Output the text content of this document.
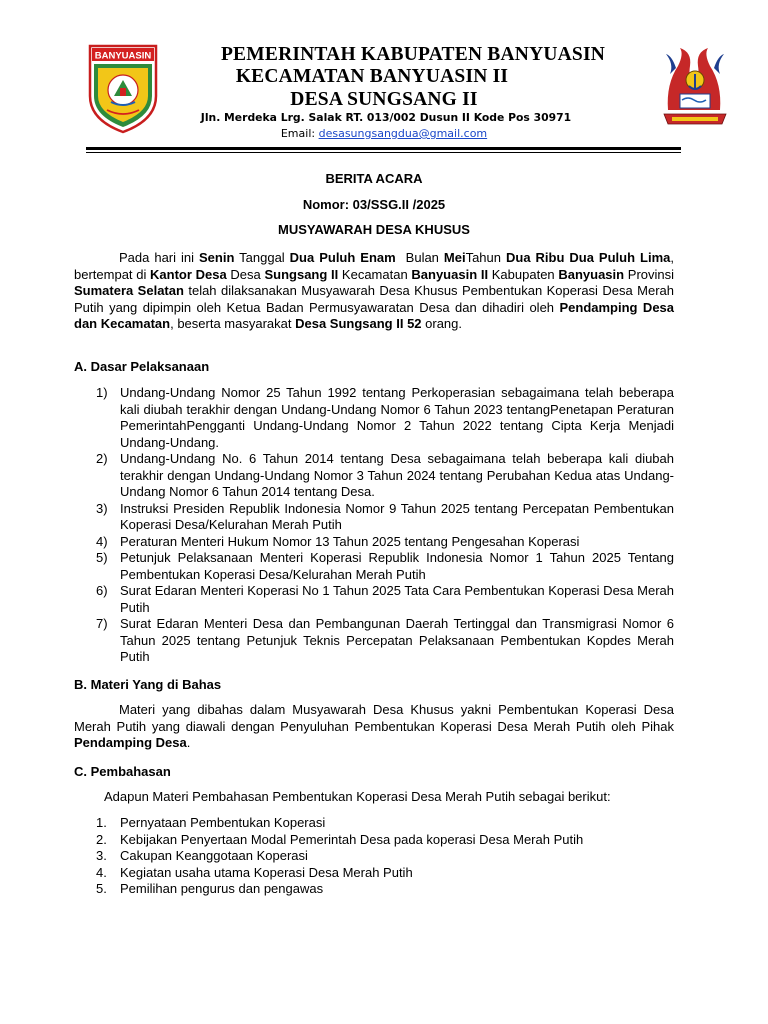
BANYUASIN	PEMERINTAH KABUPATEN BANYUASIN
KECAMATAN BANYUASIN II
DESA SUNGSANG II
Jln. Merdeka Lrg. Salak RT. 013/002 Dusun II Kode Pos 30971
Email: desasungsangdua@gmail.com
BERITA ACARA
Nomor: 03/SSG.II /2025
MUSYAWARAH DESA KHUSUS

Pada hari ini Senin Tanggal Dua Puluh Enam  Bulan MeiTahun Dua Ribu Dua Puluh Lima, bertempat di Kantor Desa Desa Sungsang II Kecamatan Banyuasin II Kabupaten Banyuasin Provinsi Sumatera Selatan telah dilaksanakan Musyawarah Desa Khusus Pembentukan Koperasi Desa Merah Putih yang dipimpin oleh Ketua Badan Permusyawaratan Desa dan dihadiri oleh Pendamping Desa dan Kecamatan, beserta masyarakat Desa Sungsang II 52 orang.

A. Dasar Pelaksanaan
1) Undang-Undang Nomor 25 Tahun 1992 tentang Perkoperasian sebagaimana telah beberapa kali diubah terakhir dengan Undang-Undang Nomor 6 Tahun 2023 tentangPenetapan Peraturan PemerintahPengganti Undang-Undang Nomor 2 Tahun 2022 tentang Cipta Kerja Menjadi Undang-Undang.
2) Undang-Undang No. 6 Tahun 2014 tentang Desa sebagaimana telah beberapa kali diubah terakhir dengan Undang-Undang Nomor 3 Tahun 2024 tentang Perubahan Kedua atas Undang-Undang Nomor 6 Tahun 2014 tentang Desa.
3) Instruksi Presiden Republik Indonesia Nomor 9 Tahun 2025 tentang Percepatan Pembentukan Koperasi Desa/Kelurahan Merah Putih
4) Peraturan Menteri Hukum Nomor 13 Tahun 2025 tentang Pengesahan Koperasi
5) Petunjuk Pelaksanaan Menteri Koperasi Republik Indonesia Nomor 1 Tahun 2025 Tentang Pembentukan Koperasi Desa/Kelurahan Merah Putih
6) Surat Edaran Menteri Koperasi No 1 Tahun 2025 Tata Cara Pembentukan Koperasi Desa Merah Putih
7) Surat Edaran Menteri Desa dan Pembangunan Daerah Tertinggal dan Transmigrasi Nomor 6 Tahun 2025 tentang Petunjuk Teknis Percepatan Pelaksanaan Pembentukan Kopdes Merah Putih
B. Materi Yang di Bahas

Materi yang dibahas dalam Musyawarah Desa Khusus yakni Pembentukan Koperasi Desa Merah Putih yang diawali dengan Penyuluhan Pembentukan Koperasi Desa Merah Putih oleh Pihak Pendamping Desa.

C. Pembahasan
Adapun Materi Pembahasan Pembentukan Koperasi Desa Merah Putih sebagai berikut:
1. Pernyataan Pembentukan Koperasi
2. Kebijakan Penyertaan Modal Pemerintah Desa pada koperasi Desa Merah Putih
3. Cakupan Keanggotaan Koperasi
4. Kegiatan usaha utama Koperasi Desa Merah Putih
5. Pemilihan pengurus dan pengawas
